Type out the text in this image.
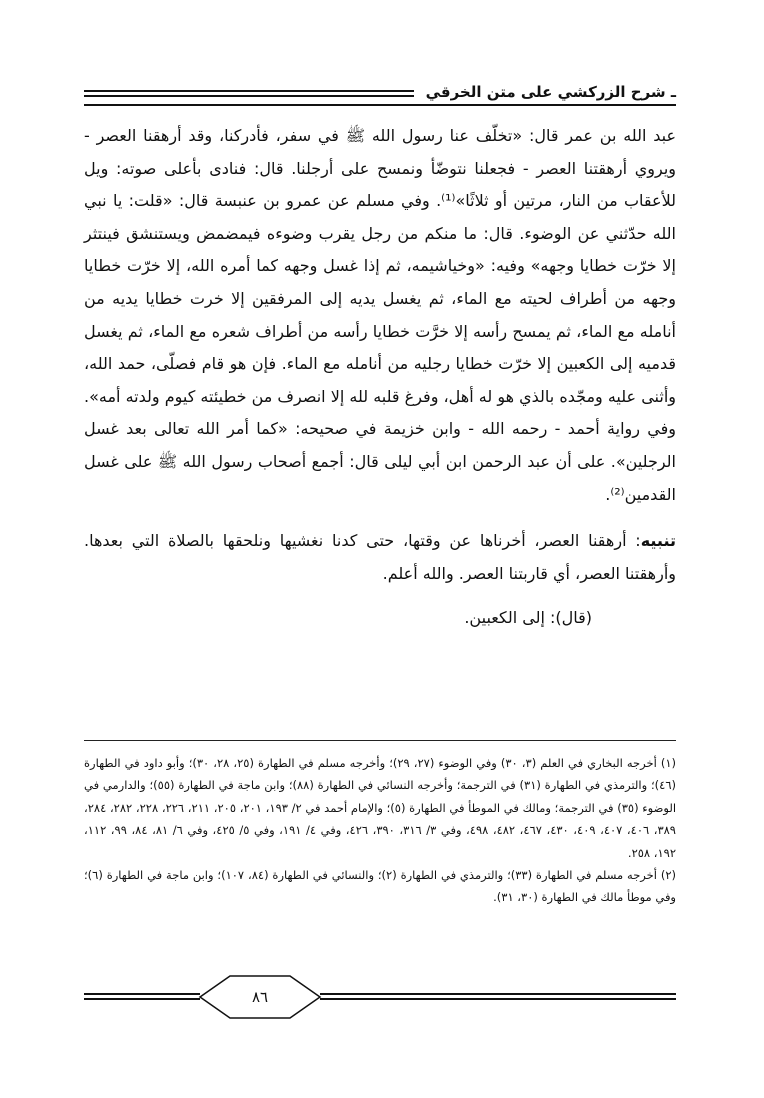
ـ شرح الزركشي على متن الخرقي

عبد الله بن عمر قال: «تخلّف عنا رسول الله ﷺ في سفر، فأدركنا، وقد أرهقنا العصر - ويروي أرهقتنا العصر - فجعلنا نتوضّأ ونمسح على أرجلنا. قال: فنادى بأعلى صوته: ويل للأعقاب من النار، مرتين أو ثلاثًا»⁽¹⁾. وفي مسلم عن عمرو بن عنبسة قال: «قلت: يا نبي الله حدّثني عن الوضوء. قال: ما منكم من رجل يقرب وضوءه فيمضمض ويستنشق فينتثر إلا خرّت خطايا وجهه» وفيه: «وخياشيمه، ثم إذا غسل وجهه كما أمره الله، إلا خرّت خطايا وجهه من أطراف لحيته مع الماء، ثم يغسل يديه إلى المرفقين إلا خرت خطايا يديه من أنامله مع الماء، ثم يمسح رأسه إلا خرَّت خطايا رأسه من أطراف شعره مع الماء، ثم يغسل قدميه إلى الكعبين إلا خرّت خطايا رجليه من أنامله مع الماء. فإن هو قام فصلّى، حمد الله، وأثنى عليه ومجّده بالذي هو له أهل، وفرغ قلبه لله إلا انصرف من خطيئته كيوم ولدته أمه». وفي رواية أحمد - رحمه الله - وابن خزيمة في صحيحه: «كما أمر الله تعالى بعد غسل الرجلين». على أن عبد الرحمن ابن أبي ليلى قال: أجمع أصحاب رسول الله ﷺ على غسل القدمين⁽²⁾.

تنبيه: أرهقنا العصر، أخرناها عن وقتها، حتى كدنا نغشيها ونلحقها بالصلاة التي بعدها. وأرهقتنا العصر، أي قاربتنا العصر. والله أعلم.

(قال): إلى الكعبين.

(١) أخرجه البخاري في العلم (٣، ٣٠) وفي الوضوء (٢٧، ٢٩)؛ وأخرجه مسلم في الطهارة (٢٥، ٢٨، ٣٠)؛ وأبو داود في الطهارة (٤٦)؛ والترمذي في الطهارة (٣١) في الترجمة؛ وأخرجه النسائي في الطهارة (٨٨)؛ وابن ماجة في الطهارة (٥٥)؛ والدارمي في الوضوء (٣٥) في الترجمة؛ ومالك في الموطأ في الطهارة (٥)؛ والإمام أحمد في ٢/ ١٩٣، ٢٠١، ٢٠٥، ٢١١، ٢٢٦، ٢٢٨، ٢٨٢، ٢٨٤، ٣٨٩، ٤٠٦، ٤٠٧، ٤٠٩، ٤٣٠، ٤٦٧، ٤٨٢، ٤٩٨، وفي ٣/ ٣١٦، ٣٩٠، ٤٢٦، وفي ٤/ ١٩١، وفي ٥/ ٤٢٥، وفي ٦/ ٨١، ٨٤، ٩٩، ١١٢، ١٩٢، ٢٥٨.

(٢) أخرجه مسلم في الطهارة (٣٣)؛ والترمذي في الطهارة (٢)؛ والنسائي في الطهارة (٨٤، ١٠٧)؛ وابن ماجة في الطهارة (٦)؛ وفي موطأ مالك في الطهارة (٣٠، ٣١).

٨٦
